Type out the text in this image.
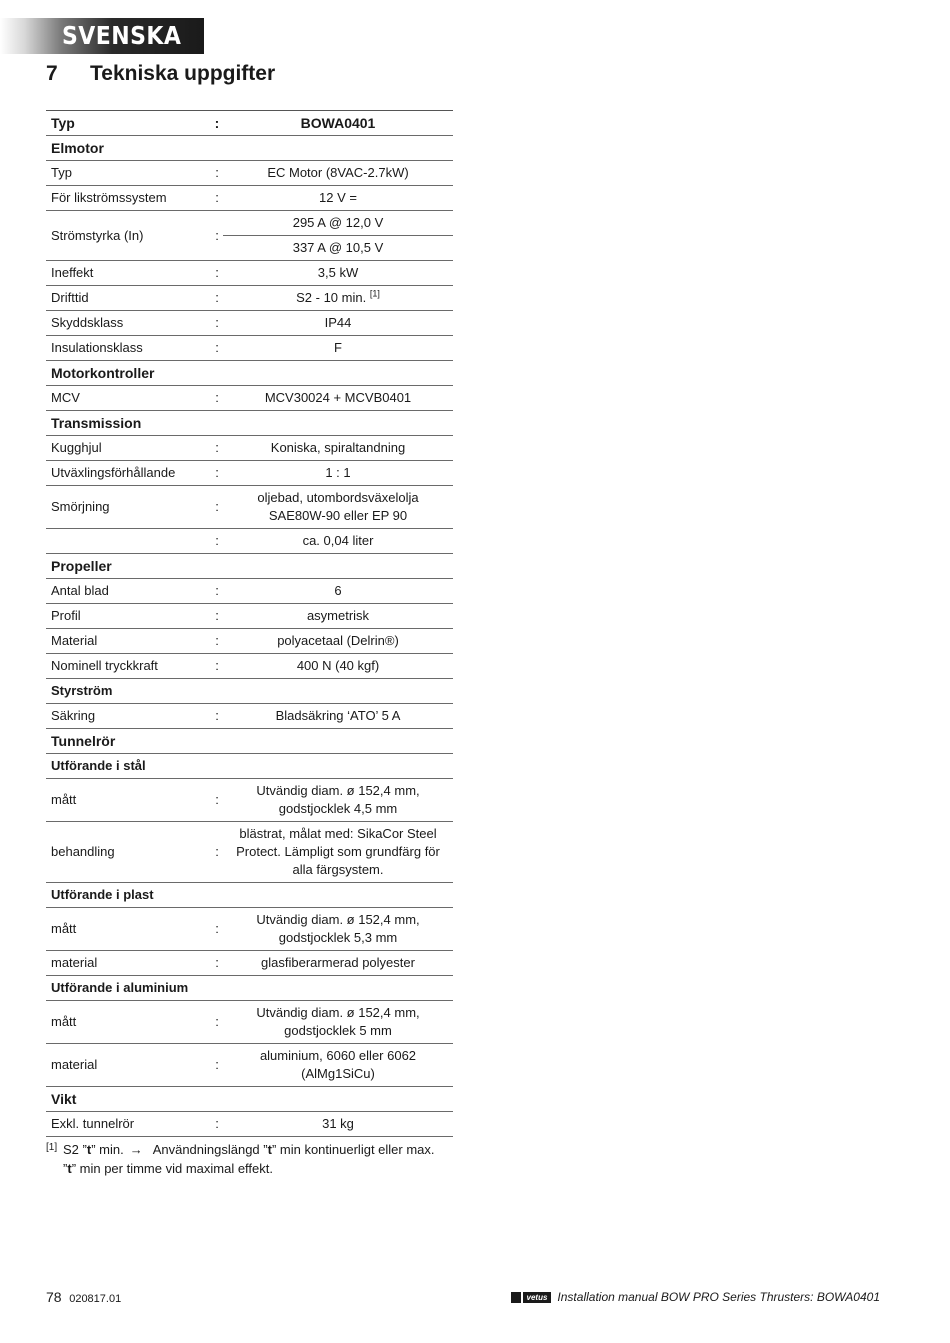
SVENSKA
7 Tekniska uppgifter
Typ	:	BOWA0401
Elmotor		
Typ	:	EC Motor (8VAC-2.7kW)
För likströmssystem	:	12 V =
Strömstyrka (In)	:	295 A @ 12,0 V
		337 A @ 10,5 V
Ineffekt	:	3,5 kW
Drifttid	:	S2 - 10 min. [1]
Skyddsklass	:	IP44
Insulationsklass	:	F
Motorkontroller		
MCV	:	MCV30024 + MCVB0401
Transmission		
Kugghjul	:	Koniska, spiraltandning
Utväxlingsförhållande	:	1 : 1
Smörjning	:	oljebad, utombordsväxelolja
SAE80W-90 eller EP 90

	:	ca. 0,04 liter
Propeller		
Antal blad	:	6
Profil	:	asymetrisk
Material	:	polyacetaal (Delrin®)
Nominell tryckkraft	:	400 N (40 kgf)
Styrström		
Säkring	:	Bladsäkring ‘ATO’ 5 A
Tunnelrör		
Utförande i stål		
mått	:	Utvändig diam. ø 152,4 mm,
godstjocklek 4,5 mm

behandling	:	blästrat, målat med: SikaCor Steel
Protect. Lämpligt som grundfärg för
alla färgsystem.

Utförande i plast		
mått	:	Utvändig diam. ø 152,4 mm,
godstjocklek 5,3 mm

material	:	glasfiberarmerad polyester
Utförande i aluminium		
mått	:	Utvändig diam. ø 152,4 mm,
godstjocklek 5 mm

material	:	aluminium, 6060 eller 6062
(AlMg1SiCu)

Vikt		
Exkl. tunnelrör	:	31 kg
[1] S2 ”t” min. → Användningslängd ”t” min kontinuerligt eller max.
”t” min per timme vid maximal effekt.
78 020817.01	vetus Installation manual BOW PRO Series Thrusters: BOWA0401
